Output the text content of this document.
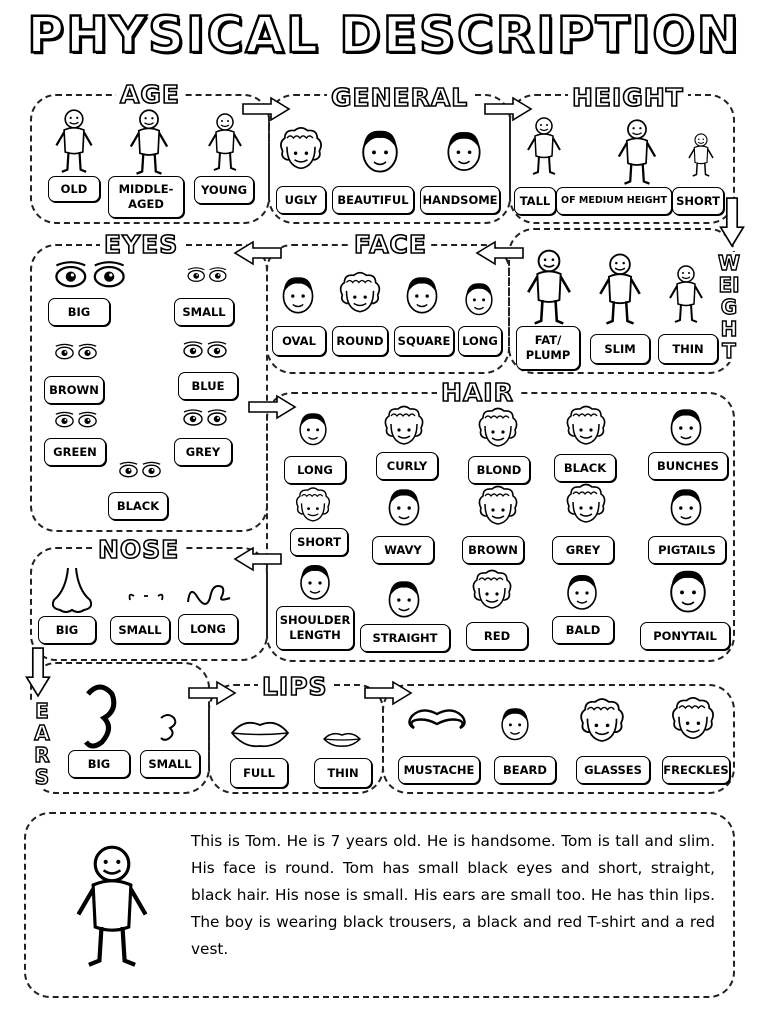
PHYSICAL DESCRIPTION
AGE	GENERAL	HEIGHT
EYES	FACE
HAIR
NOSE
LIPS
WEIGHT
EARS
OLD	MIDDLE-AGED
YOUNG
UGLY	BEAUTIFUL	HANDSOME	TALL	OF MEDIUM HEIGHT SHORT
FAT/ PLUMP	SLIM	THIN
OVAL	ROUND	SQUARE	LONG
BIG	SMALL
BROWN	BLUE
GREEN	GREY
BLACK
LONG	CURLY	BLOND	BLACK	BUNCHES
SHORT
WAVY	BROWN	GREY	PIGTAILS
SHOULDER LENGTH	STRAIGHT	RED	BALD	PONYTAIL
BIG	SMALL	LONG
BIG	SMALL
FULL	THIN	MUSTACHE	BEARD	GLASSES	FRECKLES
This is Tom. He is 7 years old. He is handsome. Tom is tall and slim. His face is round. Tom has small black eyes and short, straight, black hair. His nose is small. His ears are small too. He has thin lips. The boy is wearing black trousers, a black and red T-shirt and a red vest.
